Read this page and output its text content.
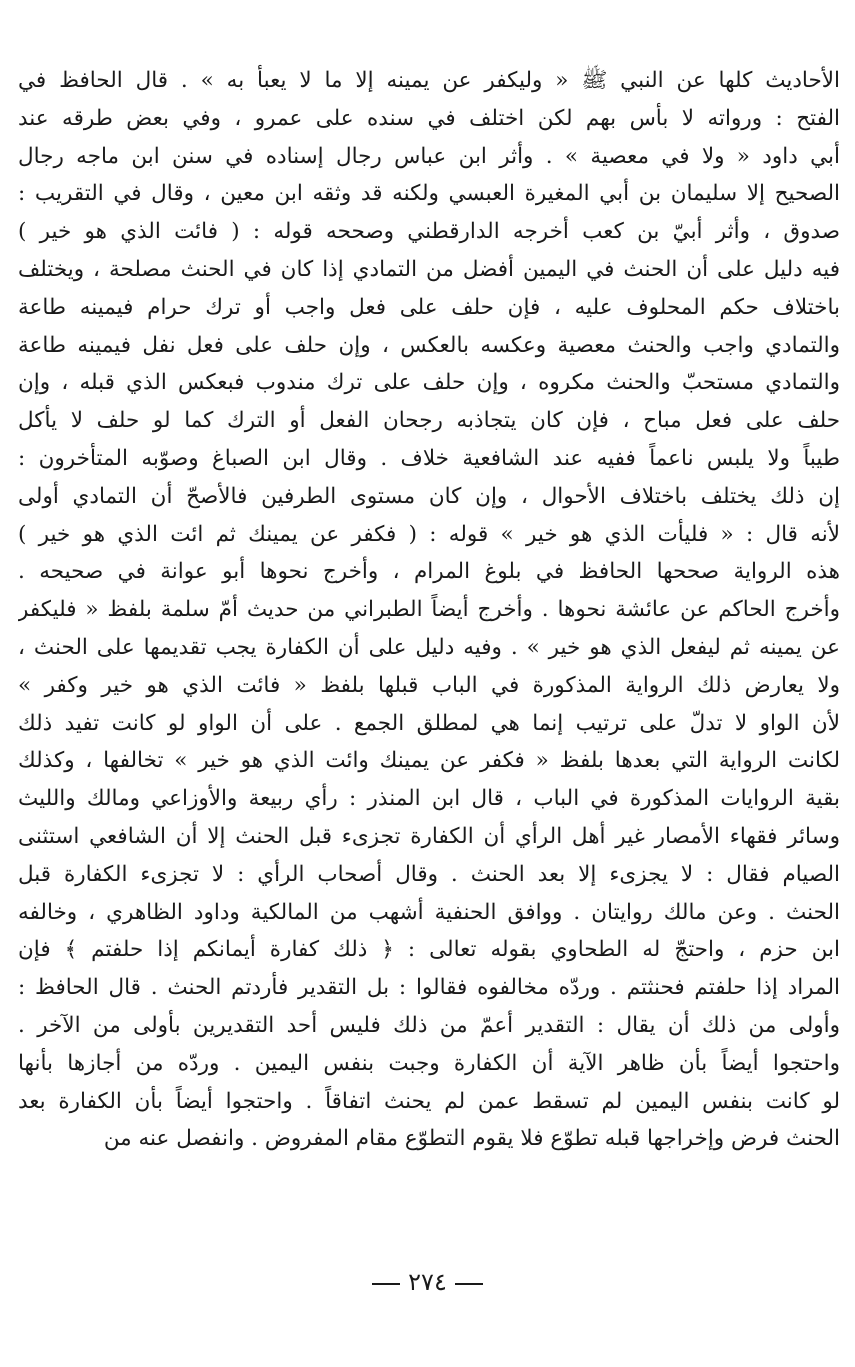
الأحاديث كلها عن النبي ﷺ « وليكفر عن يمينه إلا ما لا يعبأ به » . قال الحافظ في
الفتح : ورواته لا بأس بهم لكن اختلف في سنده على عمرو ، وفي بعض طرقه عند
أبي داود « ولا في معصية » . وأثر ابن عباس رجال إسناده في سنن ابن ماجه رجال
الصحيح إلا سليمان بن أبي المغيرة العبسي ولكنه قد وثقه ابن معين ، وقال في التقريب :
صدوق ، وأثر أبيّ بن كعب أخرجه الدارقطني وصححه قوله : ( فائت الذي هو خير )
فيه دليل على أن الحنث في اليمين أفضل من التمادي إذا كان في الحنث مصلحة ، ويختلف
باختلاف حكم المحلوف عليه ، فإن حلف على فعل واجب أو ترك حرام فيمينه طاعة
والتمادي واجب والحنث معصية وعكسه بالعكس ، وإن حلف على فعل نفل فيمينه طاعة
والتمادي مستحبّ والحنث مكروه ، وإن حلف على ترك مندوب فبعكس الذي قبله ، وإن
حلف على فعل مباح ، فإن كان يتجاذبه رجحان الفعل أو الترك كما لو حلف لا يأكل
طيباً ولا يلبس ناعماً ففيه عند الشافعية خلاف . وقال ابن الصباغ وصوّبه المتأخرون :
إن ذلك يختلف باختلاف الأحوال ، وإن كان مستوى الطرفين فالأصحّ أن التمادي أولى
لأنه قال : « فليأت الذي هو خير » قوله : ( فكفر عن يمينك ثم ائت الذي هو خير )
هذه الرواية صححها الحافظ في بلوغ المرام ، وأخرج نحوها أبو عوانة في صحيحه .
وأخرج الحاكم عن عائشة نحوها . وأخرج أيضاً الطبراني من حديث أمّ سلمة بلفظ « فليكفر
عن يمينه ثم ليفعل الذي هو خير » . وفيه دليل على أن الكفارة يجب تقديمها على الحنث ،
ولا يعارض ذلك الرواية المذكورة في الباب قبلها بلفظ « فائت الذي هو خير وكفر »
لأن الواو لا تدلّ على ترتيب إنما هي لمطلق الجمع . على أن الواو لو كانت تفيد ذلك
لكانت الرواية التي بعدها بلفظ « فكفر عن يمينك وائت الذي هو خير » تخالفها ، وكذلك
بقية الروايات المذكورة في الباب ، قال ابن المنذر : رأي ربيعة والأوزاعي ومالك والليث
وسائر فقهاء الأمصار غير أهل الرأي أن الكفارة تجزىء قبل الحنث إلا أن الشافعي استثنى
الصيام فقال : لا يجزىء إلا بعد الحنث . وقال أصحاب الرأي : لا تجزىء الكفارة قبل
الحنث . وعن مالك روايتان . ووافق الحنفية أشهب من المالكية وداود الظاهري ، وخالفه
ابن حزم ، واحتجّ له الطحاوي بقوله تعالى : ﴿ ذلك كفارة أيمانكم إذا حلفتم ﴾ فإن
المراد إذا حلفتم فحنثتم . وردّه مخالفوه فقالوا : بل التقدير فأردتم الحنث . قال الحافظ :
وأولى من ذلك أن يقال : التقدير أعمّ من ذلك فليس أحد التقديرين بأولى من الآخر .
واحتجوا أيضاً بأن ظاهر الآية أن الكفارة وجبت بنفس اليمين . وردّه من أجازها بأنها
لو كانت بنفس اليمين لم تسقط عمن لم يحنث اتفاقاً . واحتجوا أيضاً بأن الكفارة بعد
الحنث فرض وإخراجها قبله تطوّع فلا يقوم التطوّع مقام المفروض . وانفصل عنه من
٢٧٤
